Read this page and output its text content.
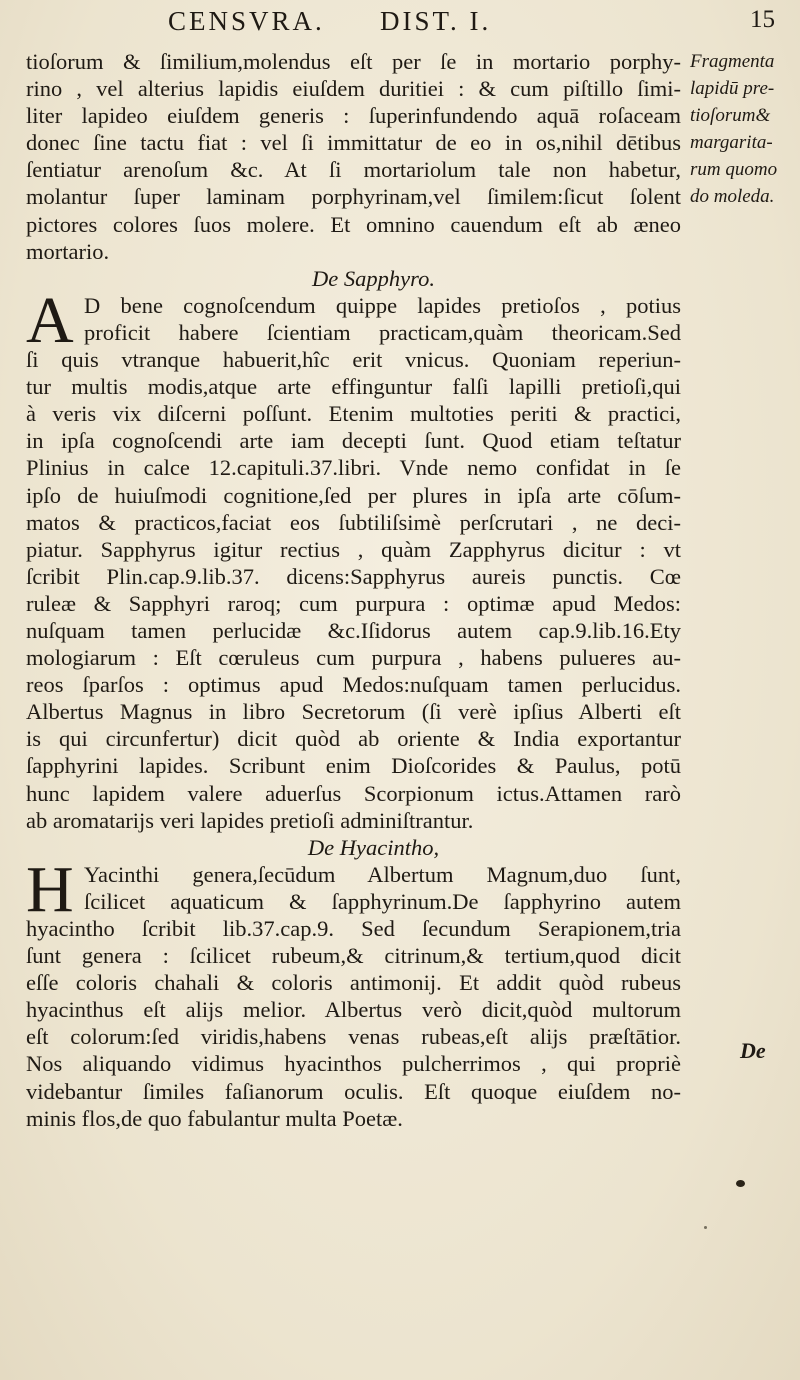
CENSVRA. DIST. I.	15
tioſorum & ſimilium,molendus eſt per ſe in mortario porphy-
rino , vel alterius lapidis eiuſdem duritiei : & cum piſtillo ſimi-
liter lapideo eiuſdem generis : ſuperinfundendo aquā roſaceam
donec ſine tactu fiat : vel ſi immittatur de eo in os,nihil dētibus
ſentiatur arenoſum &c. At ſi mortariolum tale non habetur,
molantur ſuper laminam porphyrinam,vel ſimilem:ſicut ſolent
pictores colores ſuos molere. Et omnino cauendum eſt ab æneo
mortario.
De Sapphyro.
A D bene cognoſcendum quippe lapides pretioſos , potius
proficit habere ſcientiam practicam,quàm theoricam.Sed
ſi quis vtranque habuerit,hîc erit vnicus. Quoniam reperiun-
tur multis modis,atque arte effinguntur falſi lapilli pretioſi,qui
à veris vix diſcerni poſſunt. Etenim multoties periti & practici,
in ipſa cognoſcendi arte iam decepti ſunt. Quod etiam teſtatur
Plinius in calce 12.capituli.37.libri. Vnde nemo confidat in ſe
ipſo de huiuſmodi cognitione,ſed per plures in ipſa arte cōſum-
matos & practicos,faciat eos ſubtiliſsimè perſcrutari , ne deci-
piatur. Sapphyrus igitur rectius , quàm Zapphyrus dicitur : vt
ſcribit Plin.cap.9.lib.37. dicens:Sapphyrus aureis punctis. Cœ
ruleæ & Sapphyri raroq; cum purpura : optimæ apud Medos:
nuſquam tamen perlucidæ &c.Iſidorus autem cap.9.lib.16.Ety
mologiarum : Eſt cœruleus cum purpura , habens pulueres au-
reos ſparſos : optimus apud Medos:nuſquam tamen perlucidus.
Albertus Magnus in libro Secretorum (ſi verè ipſius Alberti eſt
is qui circunfertur) dicit quòd ab oriente & India exportantur
ſapphyrini lapides. Scribunt enim Dioſcorides & Paulus, potū
hunc lapidem valere aduerſus Scorpionum ictus.Attamen rarò
ab aromatarijs veri lapides pretioſi adminiſtrantur.
De Hyacintho,
H Yacinthi genera,ſecūdum Albertum Magnum,duo ſunt,
ſcilicet aquaticum & ſapphyrinum.De ſapphyrino autem
hyacintho ſcribit lib.37.cap.9. Sed ſecundum Serapionem,tria
ſunt genera : ſcilicet rubeum,& citrinum,& tertium,quod dicit
eſſe coloris chahali & coloris antimonij. Et addit quòd rubeus
hyacinthus eſt alijs melior. Albertus verò dicit,quòd multorum
eſt colorum:ſed viridis,habens venas rubeas,eſt alijs præſtātior.
Nos aliquando vidimus hyacinthos pulcherrimos , qui propriè
videbantur ſimiles faſianorum oculis. Eſt quoque eiuſdem no-
minis flos,de quo fabulantur multa Poetæ.
Fragmenta
lapidū pre-
tioſorum&
margarita-
rum quomo
do moleda.
De
